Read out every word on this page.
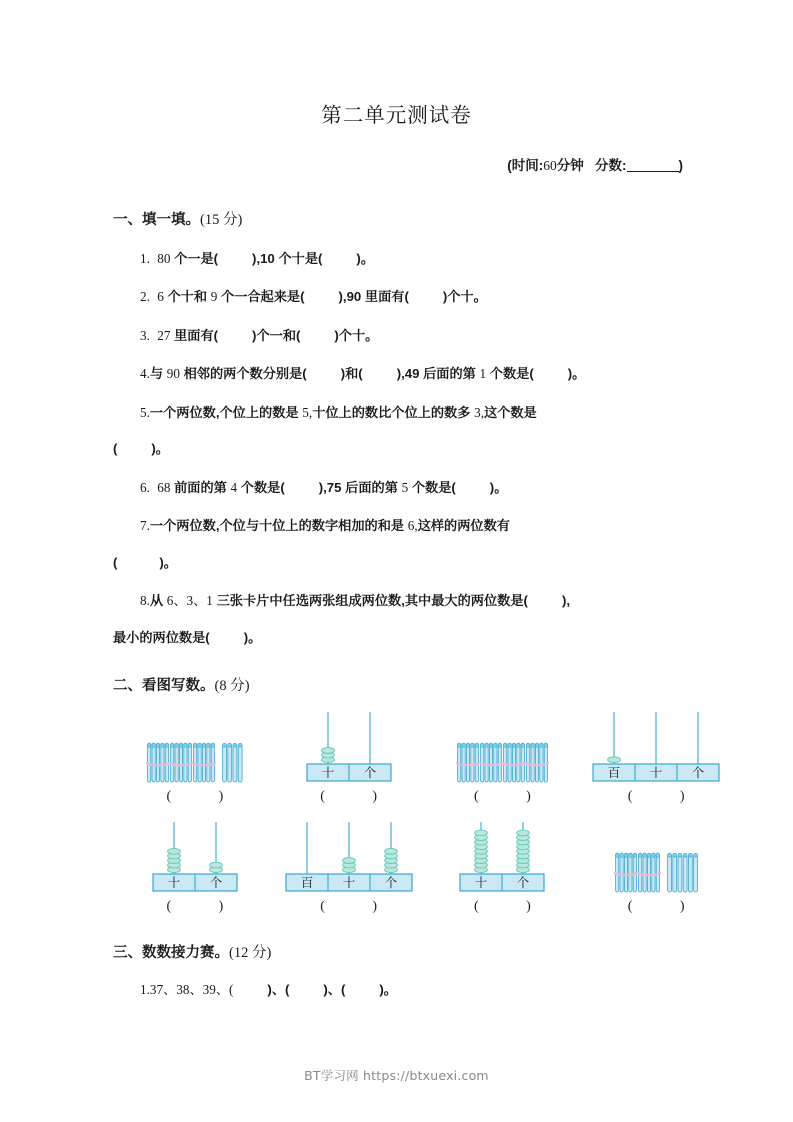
第二单元测试卷
(时间:60分钟 分数:	)
一、填一填。(15 分)

1. 80 个一是(	),10 个十是(	)。

2. 6 个十和 9 个一合起来是(	),90 里面有(	)个十。

3. 27 里面有(	)个一和(	)个十。

4.与 90 相邻的两个数分别是(	)和(	),49 后面的第 1 个数是(	)。

5.一个两位数,个位上的数是 5,十位上的数比个位上的数多 3,这个数是

(	)。

6. 68 前面的第 4 个数是(	),75 后面的第 5 个数是(	)。

7.一个两位数,个位与十位上的数字相加的和是 6,这样的两位数有

(	)。

8.从 6、3、1 三张卡片中任选两张组成两位数,其中最大的两位数是(	),

最小的两位数是(	)。

二、看图写数。(8 分)
( )
十 个
( )	( )
百 十 个
( )
十 个
( )
百 十 个
( )
十 个
( )	( )
三、数数接力赛。(12 分)

1.37、38、39、(	)、(	)、(	)。

BT学习网 https://btxuexi.com
